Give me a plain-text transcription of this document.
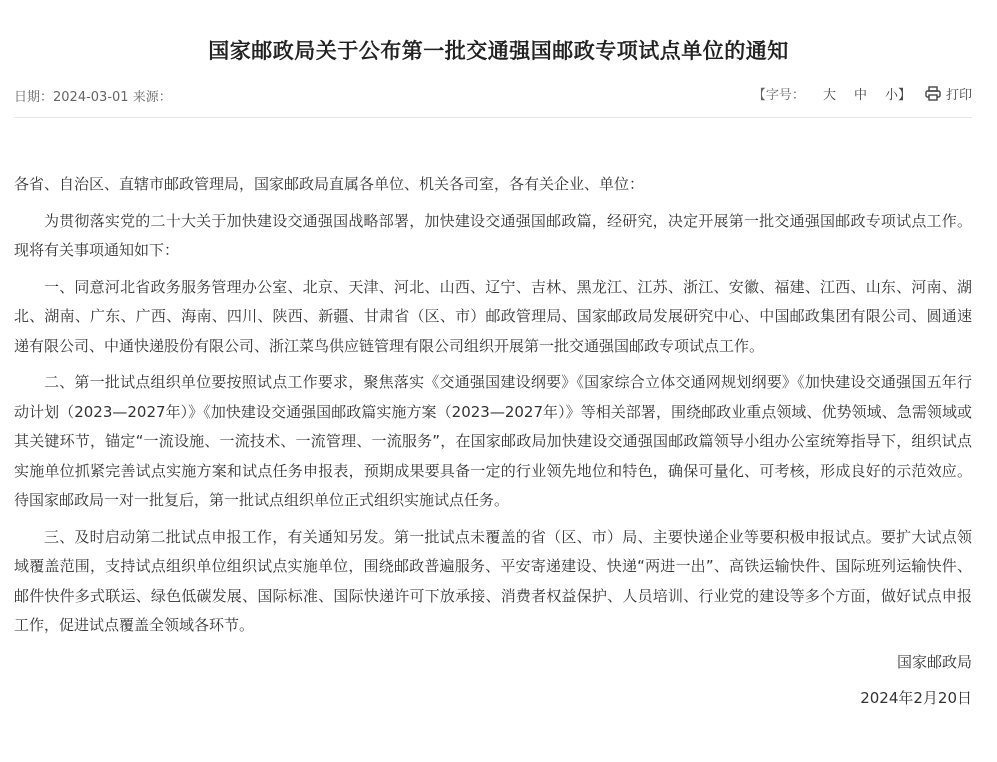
国家邮政局关于公布第一批交通强国邮政专项试点单位的通知
日期：2024-03-01 来源：	【字号： 大 中 小】	打印

各省、自治区、直辖市邮政管理局，国家邮政局直属各单位、机关各司室，各有关企业、单位：

为贯彻落实党的二十大关于加快建设交通强国战略部署，加快建设交通强国邮政篇，经研究，决定开展第一批交通强国邮政专项试点工作。现将有关事项通知如下：

一、同意河北省政务服务管理办公室、北京、天津、河北、山西、辽宁、吉林、黑龙江、江苏、浙江、安徽、福建、江西、山东、河南、湖北、湖南、广东、广西、海南、四川、陕西、新疆、甘肃省（区、市）邮政管理局、国家邮政局发展研究中心、中国邮政集团有限公司、圆通速递有限公司、中通快递股份有限公司、浙江菜鸟供应链管理有限公司组织开展第一批交通强国邮政专项试点工作。

二、第一批试点组织单位要按照试点工作要求，聚焦落实《交通强国建设纲要》《国家综合立体交通网规划纲要》《加快建设交通强国五年行动计划（2023—2027年）》《加快建设交通强国邮政篇实施方案（2023—2027年）》等相关部署，围绕邮政业重点领域、优势领域、急需领域或其关键环节，锚定“一流设施、一流技术、一流管理、一流服务”，在国家邮政局加快建设交通强国邮政篇领导小组办公室统筹指导下，组织试点实施单位抓紧完善试点实施方案和试点任务申报表，预期成果要具备一定的行业领先地位和特色，确保可量化、可考核，形成良好的示范效应。待国家邮政局一对一批复后，第一批试点组织单位正式组织实施试点任务。

三、及时启动第二批试点申报工作，有关通知另发。第一批试点未覆盖的省（区、市）局、主要快递企业等要积极申报试点。要扩大试点领域覆盖范围，支持试点组织单位组织试点实施单位，围绕邮政普遍服务、平安寄递建设、快递“两进一出”、高铁运输快件、国际班列运输快件、邮件快件多式联运、绿色低碳发展、国际标准、国际快递许可下放承接、消费者权益保护、人员培训、行业党的建设等多个方面，做好试点申报工作，促进试点覆盖全领域各环节。

国家邮政局

2024年2月20日
